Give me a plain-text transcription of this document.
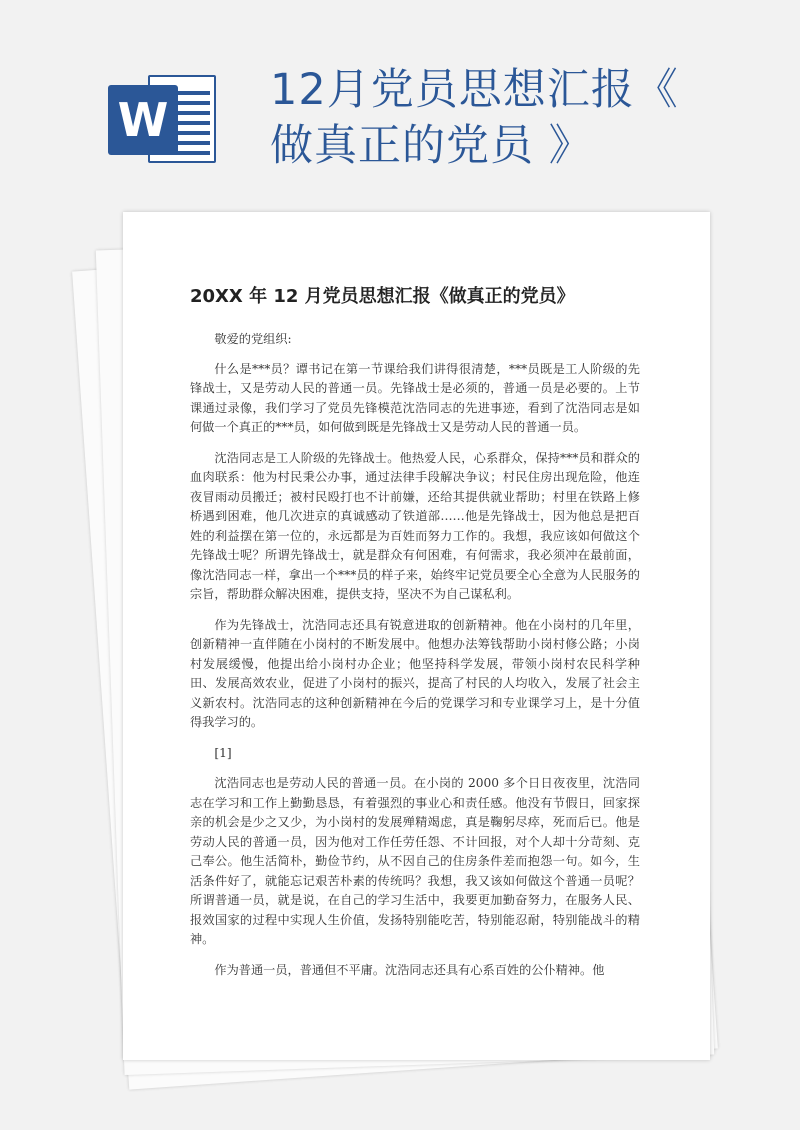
W
12月党员思想汇报《
做真正的党员 》
20XX 年 12 月党员思想汇报《做真正的党员》

敬爱的党组织:

什么是***员？谭书记在第一节课给我们讲得很清楚，***员既是工人阶级的先锋战士，又是劳动人民的普通一员。先锋战士是必须的，普通一员是必要的。上节课通过录像，我们学习了党员先锋模范沈浩同志的先进事迹，看到了沈浩同志是如何做一个真正的***员，如何做到既是先锋战士又是劳动人民的普通一员。

沈浩同志是工人阶级的先锋战士。他热爱人民，心系群众，保持***员和群众的血肉联系：他为村民秉公办事，通过法律手段解决争议；村民住房出现危险，他连夜冒雨动员搬迁；被村民殴打也不计前嫌，还给其提供就业帮助；村里在铁路上修桥遇到困难，他几次进京的真诚感动了铁道部……他是先锋战士，因为他总是把百姓的利益摆在第一位的，永远都是为百姓而努力工作的。我想，我应该如何做这个先锋战士呢？所谓先锋战士，就是群众有何困难，有何需求，我必须冲在最前面，像沈浩同志一样，拿出一个***员的样子来，始终牢记党员要全心全意为人民服务的宗旨，帮助群众解决困难，提供支持，坚决不为自己谋私利。

作为先锋战士，沈浩同志还具有锐意进取的创新精神。他在小岗村的几年里，创新精神一直伴随在小岗村的不断发展中。他想办法筹钱帮助小岗村修公路；小岗村发展缓慢，他提出给小岗村办企业；他坚持科学发展，带领小岗村农民科学种田、发展高效农业，促进了小岗村的振兴，提高了村民的人均收入，发展了社会主义新农村。沈浩同志的这种创新精神在今后的党课学习和专业课学习上，是十分值得我学习的。

[1]

沈浩同志也是劳动人民的普通一员。在小岗的 2000 多个日日夜夜里，沈浩同志在学习和工作上勤勤恳恳，有着强烈的事业心和责任感。他没有节假日，回家探亲的机会是少之又少，为小岗村的发展殚精竭虑，真是鞠躬尽瘁，死而后已。他是劳动人民的普通一员，因为他对工作任劳任怨、不计回报，对个人却十分苛刻、克己奉公。他生活简朴，勤俭节约，从不因自己的住房条件差而抱怨一句。如今，生活条件好了，就能忘记艰苦朴素的传统吗？我想，我又该如何做这个普通一员呢？所谓普通一员，就是说，在自己的学习生活中，我要更加勤奋努力，在服务人民、报效国家的过程中实现人生价值，发扬特别能吃苦，特别能忍耐，特别能战斗的精神。

作为普通一员，普通但不平庸。沈浩同志还具有心系百姓的公仆精神。他
